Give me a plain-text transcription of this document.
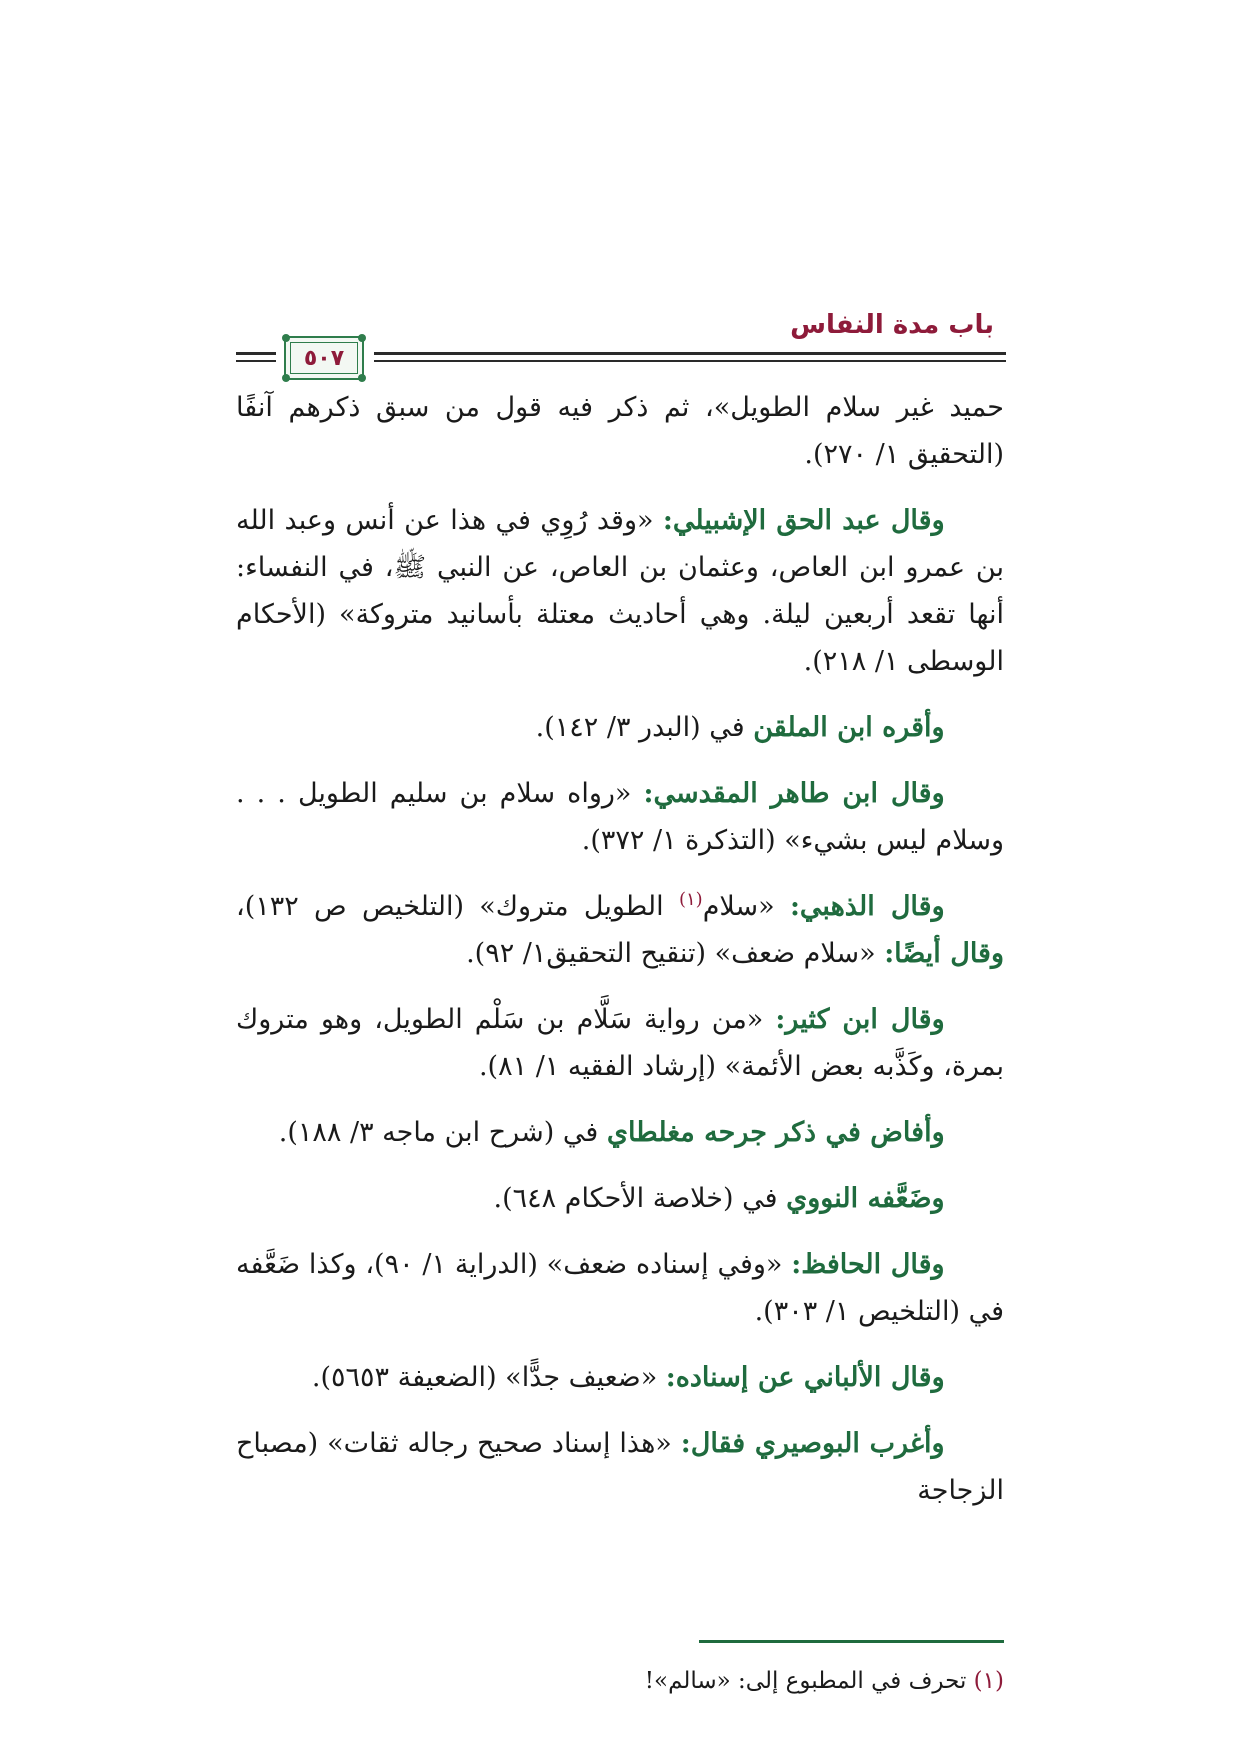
باب مدة النفاس
٥٠٧

حميد غير سلام الطويل»، ثم ذكر فيه قول من سبق ذكرهم آنفًا (التحقيق ١/ ٢٧٠).

وقال عبد الحق الإشبيلي: «وقد رُوِي في هذا عن أنس وعبد الله بن عمرو ابن العاص، وعثمان بن العاص، عن النبي ﷺ، في النفساء: أنها تقعد أربعين ليلة. وهي أحاديث معتلة بأسانيد متروكة» (الأحكام الوسطى ١/ ٢١٨).

وأقره ابن الملقن في (البدر ٣/ ١٤٢).

وقال ابن طاهر المقدسي: «رواه سلام بن سليم الطويل . . . وسلام ليس بشيء» (التذكرة ١/ ٣٧٢).

وقال الذهبي: «سلام$^{(١)}$ الطويل متروك» (التلخيص ص ١٣٢)، وقال أيضًا: «سلام ضعف» (تنقيح التحقيق١/ ٩٢).

وقال ابن كثير: «من رواية سَلَّام بن سَلْم الطويل، وهو متروك بمرة، وكَذَّبه بعض الأئمة» (إرشاد الفقيه ١/ ٨١).

وأفاض في ذكر جرحه مغلطاي في (شرح ابن ماجه ٣/ ١٨٨).

وضَعَّفه النووي في (خلاصة الأحكام ٦٤٨).

وقال الحافظ: «وفي إسناده ضعف» (الدراية ١/ ٩٠)، وكذا ضَعَّفه في (التلخيص ١/ ٣٠٣).

وقال الألباني عن إسناده: «ضعيف جدًّا» (الضعيفة ٥٦٥٣).

وأغرب البوصيري فقال: «هذا إسناد صحيح رجاله ثقات» (مصباح الزجاجة

(١) تحرف في المطبوع إلى: «سالم»!
